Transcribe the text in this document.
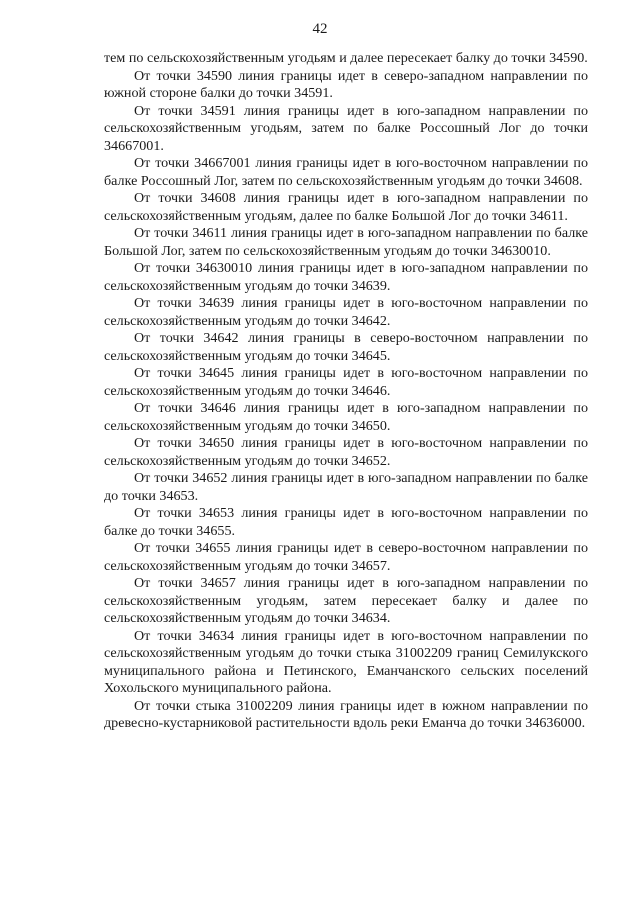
42

тем по сельскохозяйственным угодьям и далее пересекает балку до точки 34590.

От точки 34590 линия границы идет в северо-западном направлении по южной стороне балки до точки 34591.

От точки 34591 линия границы идет в юго-западном направлении по сельскохозяйственным угодьям, затем по балке Россошный Лог до точки 34667001.

От точки 34667001 линия границы идет в юго-восточном направлении по балке Россошный Лог, затем по сельскохозяйственным угодьям до точки 34608.

От точки 34608 линия границы идет в юго-западном направлении по сельскохозяйственным угодьям, далее по балке Большой Лог до точки 34611.

От точки 34611 линия границы идет в юго-западном направлении по балке Большой Лог, затем по сельскохозяйственным угодьям до точки 34630010.

От точки 34630010 линия границы идет в юго-западном направлении по сельскохозяйственным угодьям до точки 34639.

От точки 34639 линия границы идет в юго-восточном направлении по сельскохозяйственным угодьям до точки 34642.

От точки 34642 линия границы в северо-восточном направлении по сельскохозяйственным угодьям до точки 34645.

От точки 34645 линия границы идет в юго-восточном направлении по сельскохозяйственным угодьям до точки 34646.

От точки 34646 линия границы идет в юго-западном направлении по сельскохозяйственным угодьям до точки 34650.

От точки 34650 линия границы идет в юго-восточном направлении по сельскохозяйственным угодьям до точки 34652.

От точки 34652 линия границы идет в юго-западном направлении по балке до точки 34653.

От точки 34653 линия границы идет в юго-восточном направлении по балке до точки 34655.

От точки 34655 линия границы идет в северо-восточном направлении по сельскохозяйственным угодьям до точки 34657.

От точки 34657 линия границы идет в юго-западном направлении по сельскохозяйственным угодьям, затем пересекает балку и далее по сельскохозяйственным угодьям до точки 34634.

От точки 34634 линия границы идет в юго-восточном направлении по сельскохозяйственным угодьям до точки стыка 31002209 границ Семилукского муниципального района и Петинского, Еманчанского сельских поселений Хохольского муниципального района.

От точки стыка 31002209 линия границы идет в южном направлении по древесно-кустарниковой растительности вдоль реки Еманча до точки 34636000.
